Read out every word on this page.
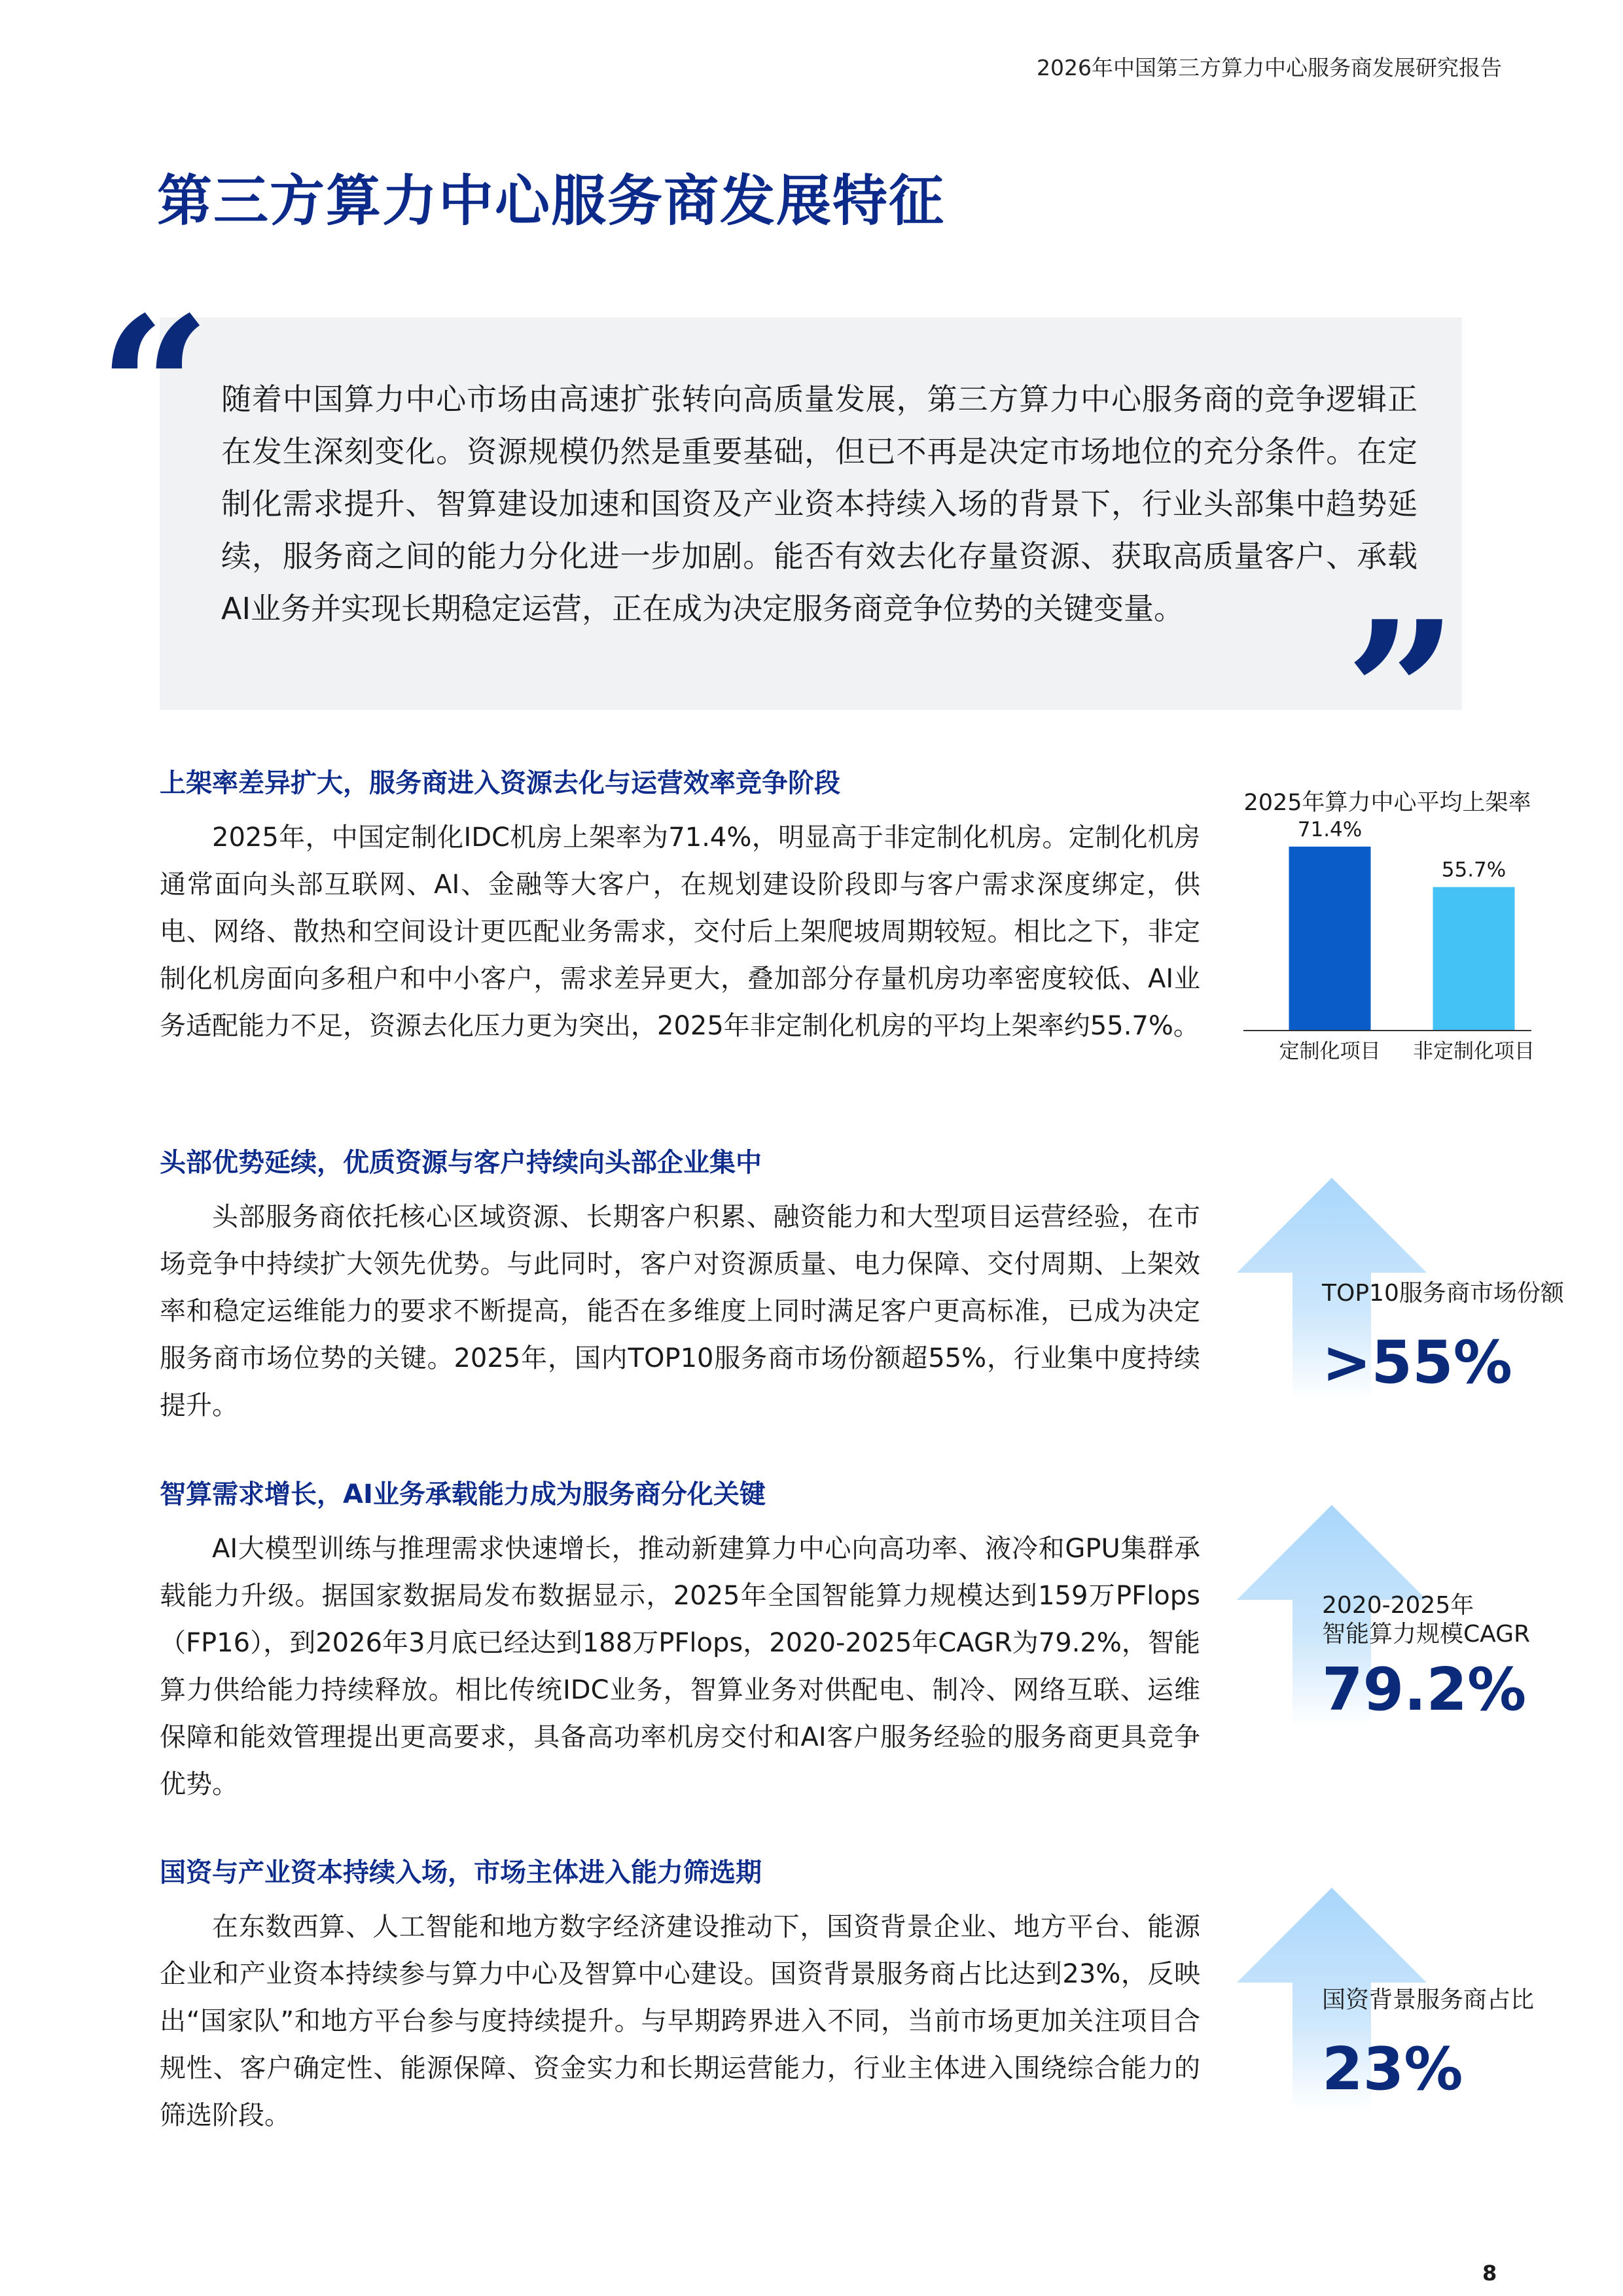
2026年中国第三方算力中心服务商发展研究报告
第三方算力中心服务商发展特征
“ 随着中国算力中心市场由高速扩张转向高质量发展，第三方算力中心服务商的竞争逻辑正在发生深刻变化。资源规模仍然是重要基础，但已不再是决定市场地位的充分条件。在定制化需求提升、智算建设加速和国资及产业资本持续入场的背景下，行业头部集中趋势延续，服务商之间的能力分化进一步加剧。能否有效去化存量资源、获取高质量客户、承载AI业务并实现长期稳定运营，正在成为决定服务商竞争位势的关键变量。 ”
上架率差异扩大，服务商进入资源去化与运营效率竞争阶段

2025年，中国定制化IDC机房上架率为71.4%，明显高于非定制化机房。定制化机房通常面向头部互联网、AI、金融等大客户，在规划建设阶段即与客户需求深度绑定，供电、网络、散热和空间设计更匹配业务需求，交付后上架爬坡周期较短。相比之下，非定制化机房面向多租户和中小客户，需求差异更大，叠加部分存量机房功率密度较低、AI业务适配能力不足，资源去化压力更为突出，2025年非定制化机房的平均上架率约55.7%。

头部优势延续，优质资源与客户持续向头部企业集中

头部服务商依托核心区域资源、长期客户积累、融资能力和大型项目运营经验，在市场竞争中持续扩大领先优势。与此同时，客户对资源质量、电力保障、交付周期、上架效率和稳定运维能力的要求不断提高，能否在多维度上同时满足客户更高标准，已成为决定服务商市场位势的关键。2025年，国内TOP10服务商市场份额超55%，行业集中度持续提升。

智算需求增长，AI业务承载能力成为服务商分化关键

AI大模型训练与推理需求快速增长，推动新建算力中心向高功率、液冷和GPU集群承载能力升级。据国家数据局发布数据显示，2025年全国智能算力规模达到159万PFlops（FP16），到2026年3月底已经达到188万PFlops，2020-2025年CAGR为79.2%，智能算力供给能力持续释放。相比传统IDC业务，智算业务对供配电、制冷、网络互联、运维保障和能效管理提出更高要求，具备高功率机房交付和AI客户服务经验的服务商更具竞争优势。

国资与产业资本持续入场，市场主体进入能力筛选期

在东数西算、人工智能和地方数字经济建设推动下，国资背景企业、地方平台、能源企业和产业资本持续参与算力中心及智算中心建设。国资背景服务商占比达到23%，反映出“国家队”和地方平台参与度持续提升。与早期跨界进入不同，当前市场更加关注项目合规性、客户确定性、能源保障、资金实力和长期运营能力，行业主体进入围绕综合能力的筛选阶段。

2025年算力中心平均上架率
71.4%
定制化项目
55.7%
非定制化项目

TOP10服务商市场份额

>55%

2020-2025年
智能算力规模CAGR

79.2%

国资背景服务商占比

23%
8
